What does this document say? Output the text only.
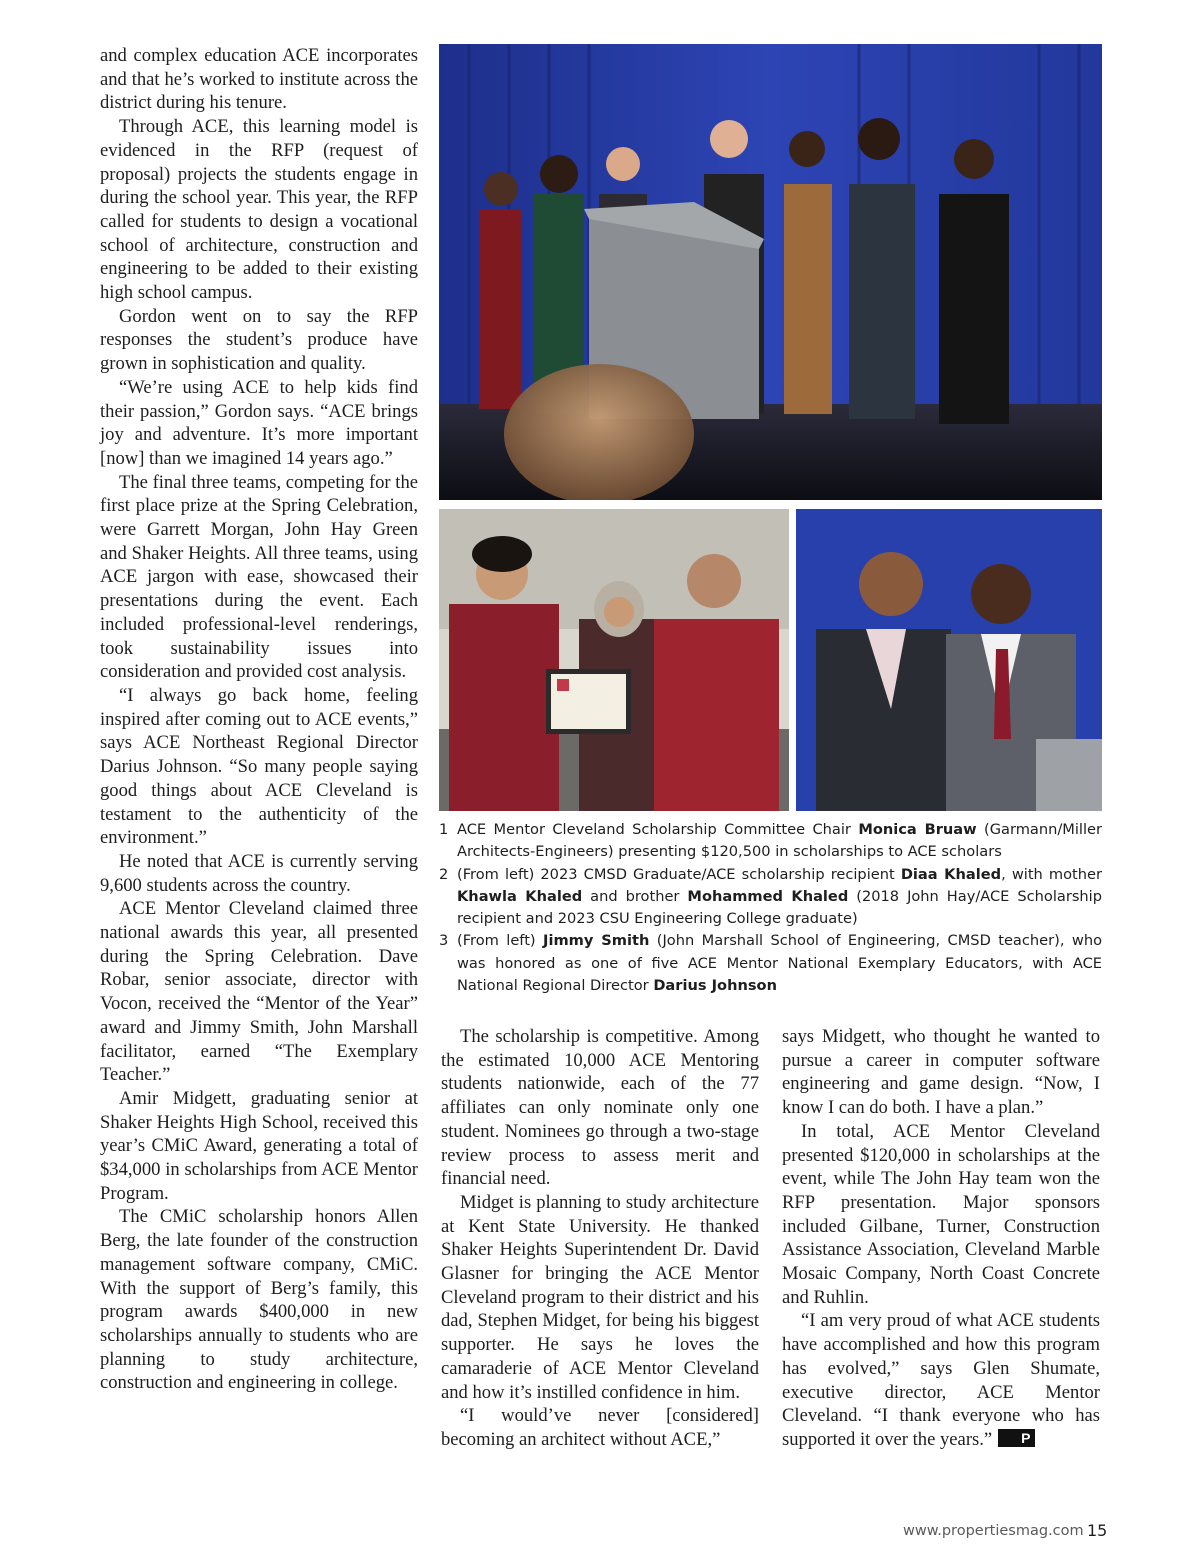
and complex education ACE incorporates and that he’s worked to institute across the district during his tenure.

Through ACE, this learning model is evidenced in the RFP (request of proposal) projects the students engage in during the school year. This year, the RFP called for students to design a vocational school of architecture, construction and engineering to be added to their existing high school campus.

Gordon went on to say the RFP responses the student’s produce have grown in sophistication and quality.

“We’re using ACE to help kids find their passion,” Gordon says. “ACE brings joy and adventure. It’s more important [now] than we imagined 14 years ago.”

The final three teams, competing for the first place prize at the Spring Celebration, were Garrett Morgan, John Hay Green and Shaker Heights. All three teams, using ACE jargon with ease, showcased their presentations during the event. Each included professional-level renderings, took sustainability issues into consideration and provided cost analysis.

“I always go back home, feeling inspired after coming out to ACE events,” says ACE Northeast Regional Director Darius Johnson. “So many people saying good things about ACE Cleveland is testament to the authenticity of the environment.”

He noted that ACE is currently serving 9,600 students across the country.

ACE Mentor Cleveland claimed three national awards this year, all presented during the Spring Celebration. Dave Robar, senior associate, director with Vocon, received the “Mentor of the Year” award and Jimmy Smith, John Marshall facilitator, earned “The Exemplary Teacher.”

Amir Midgett, graduating senior at Shaker Heights High School, received this year’s CMiC Award, generating a total of $34,000 in scholarships from ACE Mentor Program.

The CMiC scholarship honors Allen Berg, the late founder of the construction management software company, CMiC. With the support of Berg’s family, this program awards $400,000 in new scholarships annually to students who are planning to study architecture, construction and engineering in college.

1 ACE Mentor Cleveland Scholarship Committee Chair Monica Bruaw (Garmann/Miller Architects-Engineers) presenting $120,500 in scholarships to ACE scholars
2 (From left) 2023 CMSD Graduate/ACE scholarship recipient Diaa Khaled, with mother Khawla Khaled and brother Mohammed Khaled (2018 John Hay/ACE Scholarship recipient and 2023 CSU Engineering College graduate)
3 (From left) Jimmy Smith (John Marshall School of Engineering, CMSD teacher), who was honored as one of five ACE Mentor National Exemplary Educators, with ACE National Regional Director Darius Johnson

The scholarship is competitive. Among the estimated 10,000 ACE Mentoring students nationwide, each of the 77 affiliates can only nominate only one student. Nominees go through a two-stage review process to assess merit and financial need.

Midget is planning to study architecture at Kent State University. He thanked Shaker Heights Superintendent Dr. David Glasner for bringing the ACE Mentor Cleveland program to their district and his dad, Stephen Midget, for being his biggest supporter. He says he loves the camaraderie of ACE Mentor Cleveland and how it’s instilled confidence in him.

“I would’ve never [considered] becoming an architect without ACE,”

says Midgett, who thought he wanted to pursue a career in computer software engineering and game design. “Now, I know I can do both. I have a plan.”

In total, ACE Mentor Cleveland presented $120,000 in scholarships at the event, while The John Hay team won the RFP presentation. Major sponsors included Gilbane, Turner, Construction Assistance Association, Cleveland Marble Mosaic Company, North Coast Concrete and Ruhlin.

“I am very proud of what ACE students have accomplished and how this program has evolved,” says Glen Shumate, executive director, ACE Mentor Cleveland. “I thank everyone who has supported it over the years.” P

www.propertiesmag.com 15
